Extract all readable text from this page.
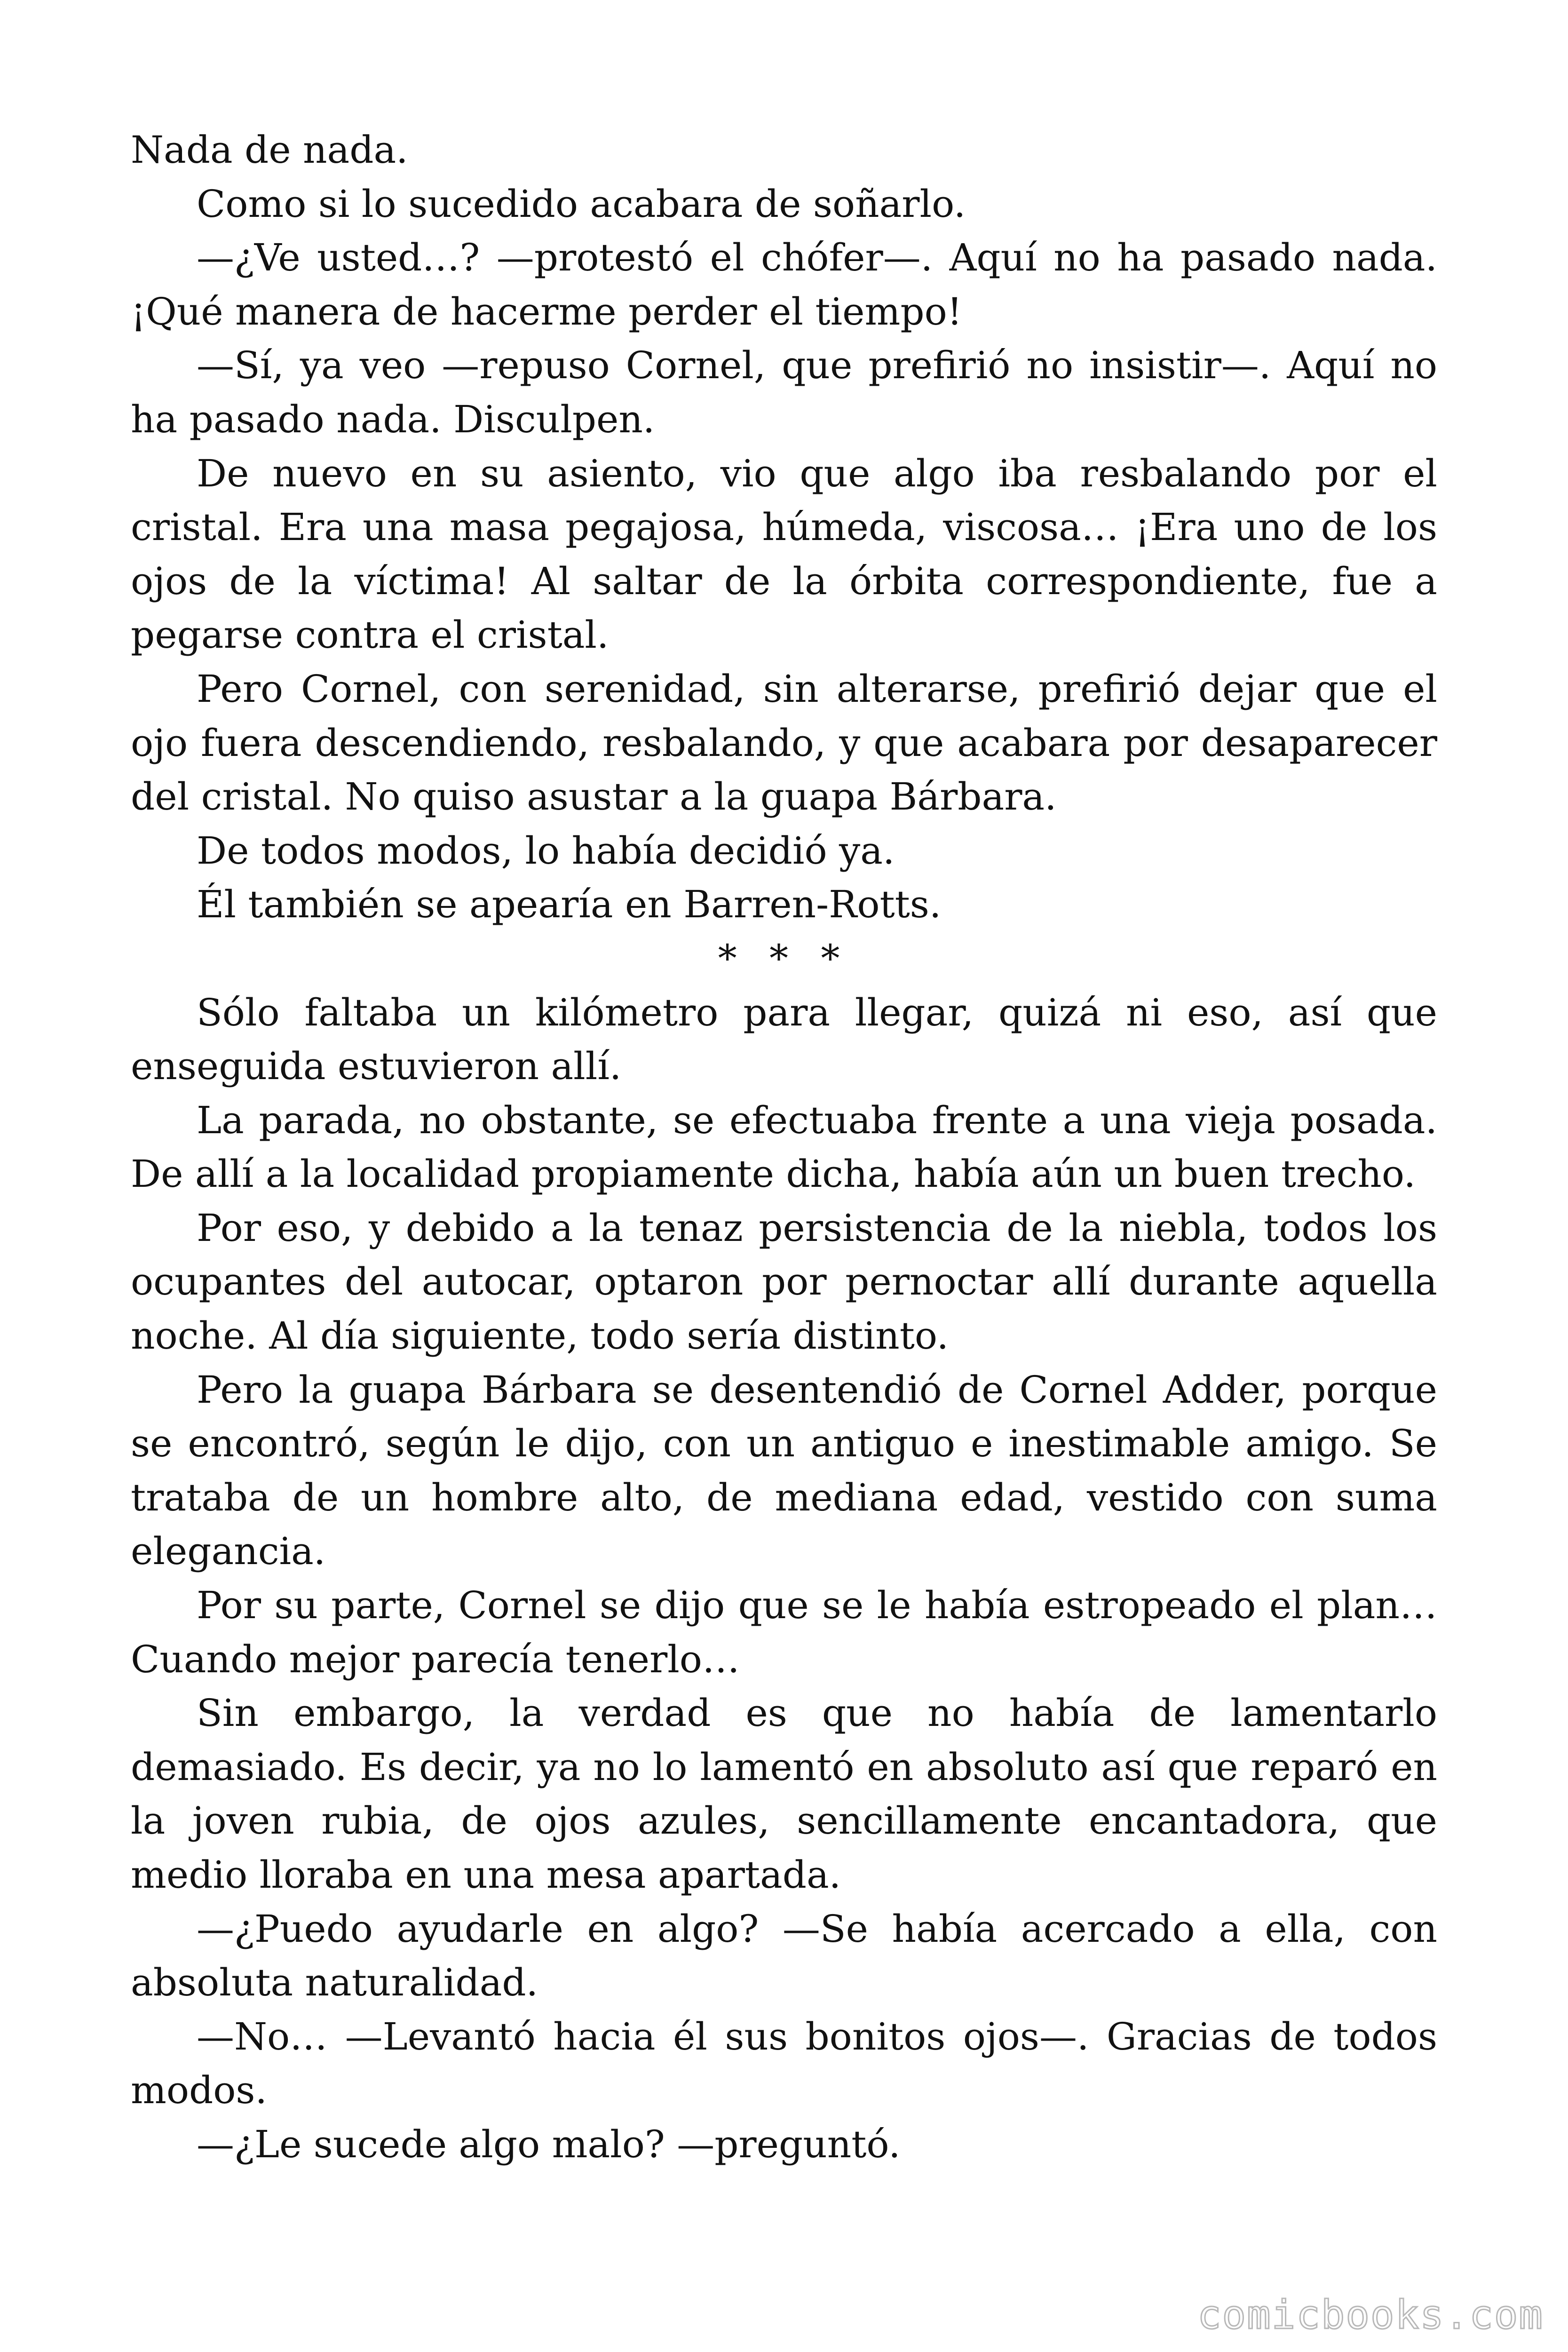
Nada de nada.

Como si lo sucedido acabara de soñarlo.

—¿Ve usted…? —protestó el chófer—. Aquí no ha pasado nada. ¡Qué manera de hacerme perder el tiempo!

—Sí, ya veo —repuso Cornel, que prefirió no insistir—. Aquí no ha pasado nada. Disculpen.

De nuevo en su asiento, vio que algo iba resbalando por el cristal. Era una masa pegajosa, húmeda, viscosa… ¡Era uno de los ojos de la víctima! Al saltar de la órbita correspondiente, fue a pegarse contra el cristal.

Pero Cornel, con serenidad, sin alterarse, prefirió dejar que el ojo fuera descendiendo, resbalando, y que acabara por desaparecer del cristal. No quiso asustar a la guapa Bárbara.

De todos modos, lo había decidió ya.

Él también se apearía en Barren-Rotts.

* * *

Sólo faltaba un kilómetro para llegar, quizá ni eso, así que enseguida estuvieron allí.

La parada, no obstante, se efectuaba frente a una vieja posada. De allí a la localidad propiamente dicha, había aún un buen trecho.

Por eso, y debido a la tenaz persistencia de la niebla, todos los ocupantes del autocar, optaron por pernoctar allí durante aquella noche. Al día siguiente, todo sería distinto.

Pero la guapa Bárbara se desentendió de Cornel Adder, porque se encontró, según le dijo, con un antiguo e inestimable amigo. Se trataba de un hombre alto, de mediana edad, vestido con suma elegancia.

Por su parte, Cornel se dijo que se le había estropeado el plan… Cuando mejor parecía tenerlo…

Sin embargo, la verdad es que no había de lamentarlo demasiado. Es decir, ya no lo lamentó en absoluto así que reparó en la joven rubia, de ojos azules, sencillamente encantadora, que medio lloraba en una mesa apartada.

—¿Puedo ayudarle en algo? —Se había acercado a ella, con absoluta naturalidad.

—No… —Levantó hacia él sus bonitos ojos—. Gracias de todos modos.

—¿Le sucede algo malo? —preguntó.

comicbooks.com
